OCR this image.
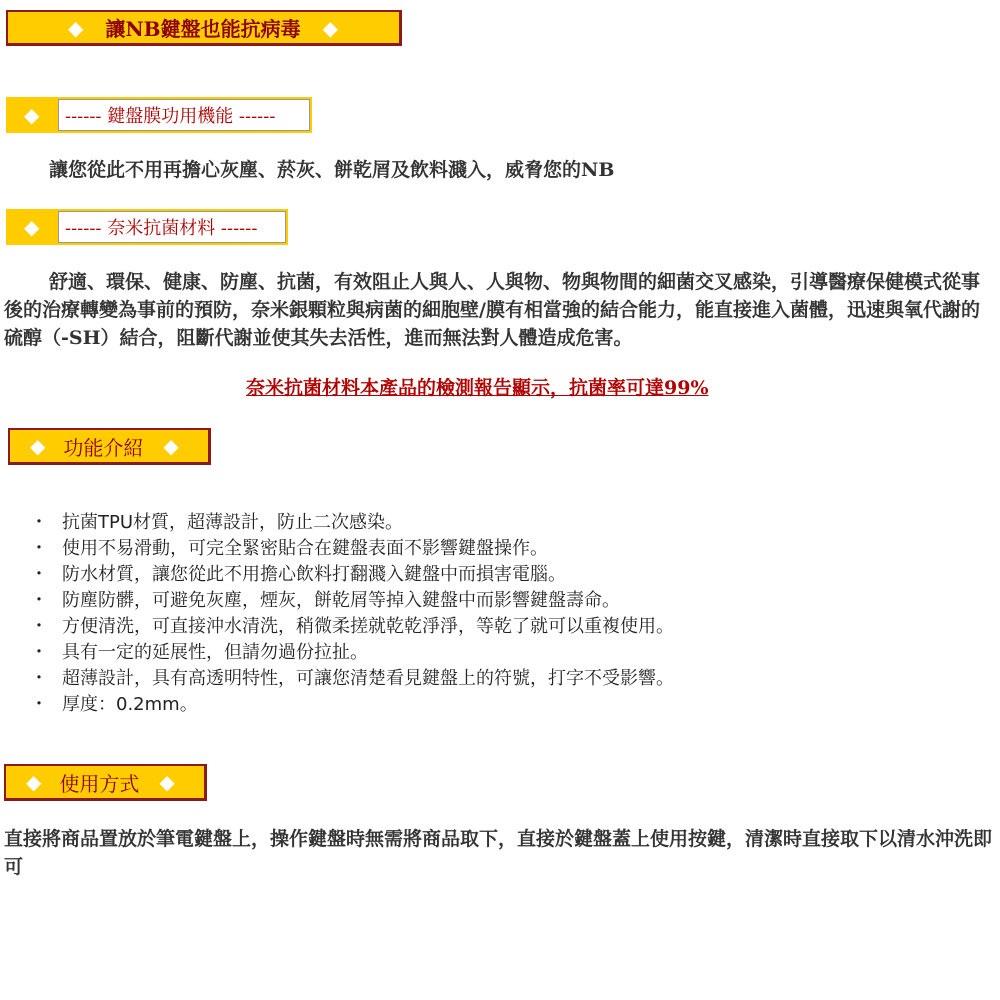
◆ 讓NB鍵盤也能抗病毒 ◆
◆ ------ 鍵盤膜功用機能 ------
讓您從此不用再擔心灰塵、菸灰、餅乾屑及飲料濺入，威脅您的NB
◆ ------ 奈米抗菌材料 ------
舒適、環保、健康、防塵、抗菌，有效阻止人與人、人與物、物與物間的細菌交叉感染，引導醫療保健模式從事後的治療轉變為事前的預防，奈米銀顆粒與病菌的細胞壁/膜有相當強的結合能力，能直接進入菌體，迅速與氧代謝的硫醇（-SH）結合，阻斷代謝並使其失去活性，進而無法對人體造成危害。
奈米抗菌材料本產品的檢測報告顯示，抗菌率可達99%
◆ 功能介紹 ◆
・ 抗菌TPU材質，超薄設計，防止二次感染。
・ 使用不易滑動，可完全緊密貼合在鍵盤表面不影響鍵盤操作。
・ 防水材質，讓您從此不用擔心飲料打翻濺入鍵盤中而損害電腦。
・ 防塵防髒，可避免灰塵，煙灰，餅乾屑等掉入鍵盤中而影響鍵盤壽命。
・ 方便清洗，可直接沖水清洗，稍微柔搓就乾乾淨淨，等乾了就可以重複使用。
・ 具有一定的延展性，但請勿過份拉扯。
・ 超薄設計，具有高透明特性，可讓您清楚看見鍵盤上的符號，打字不受影響。
・ 厚度：0.2mm。
◆ 使用方式 ◆
直接將商品置放於筆電鍵盤上，操作鍵盤時無需將商品取下，直接於鍵盤蓋上使用按鍵，清潔時直接取下以清水沖洗即可
